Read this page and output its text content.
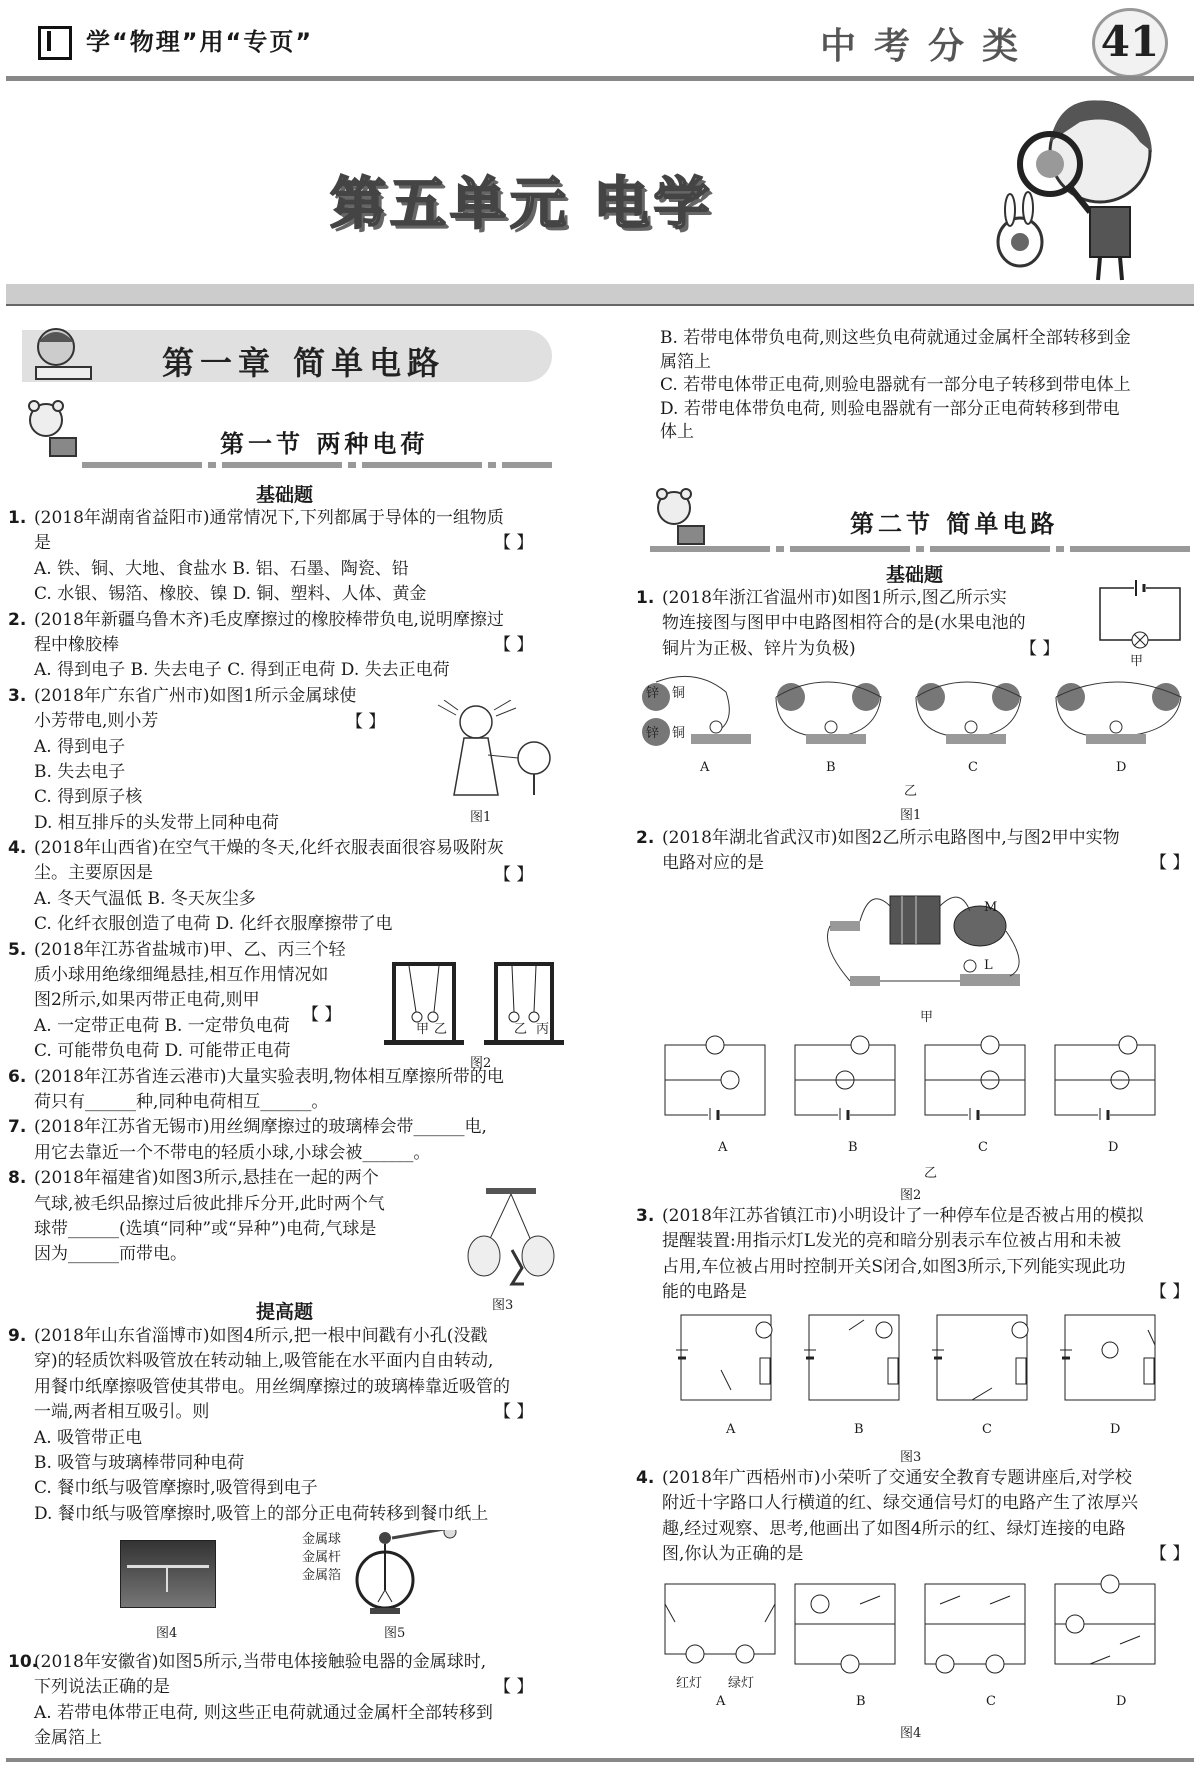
学“物理”用“专页”	中考分类 41
第五单元 电学
第一章 简单电路
第一节 两种电荷
基础题
1. (2018年湖南省益阳市)通常情况下,下列都属于导体的一组物质
是
A. 铁、铜、大地、食盐水 B. 铝、石墨、陶瓷、铅
C. 水银、锡箔、橡胶、镍 D. 铜、塑料、人体、黄金
2. (2018年新疆乌鲁木齐)毛皮摩擦过的橡胶棒带负电,说明摩擦过
程中橡胶棒
A. 得到电子 B. 失去电子 C. 得到正电荷 D. 失去正电荷
3. (2018年广东省广州市)如图1所示金属球使
小芳带电,则小芳
A. 得到电子
B. 失去电子
C. 得到原子核
D. 相互排斥的头发带上同种电荷
4. (2018年山西省)在空气干燥的冬天,化纤衣服表面很容易吸附灰
尘。主要原因是
A. 冬天气温低 B. 冬天灰尘多
C. 化纤衣服创造了电荷 D. 化纤衣服摩擦带了电
5. (2018年江苏省盐城市)甲、乙、丙三个轻
质小球用绝缘细绳悬挂,相互作用情况如
图2所示,如果丙带正电荷,则甲
A. 一定带正电荷 B. 一定带负电荷
C. 可能带负电荷 D. 可能带正电荷
6. (2018年江苏省连云港市)大量实验表明,物体相互摩擦所带的电
荷只有______种,同种电荷相互______。
7. (2018年江苏省无锡市)用丝绸摩擦过的玻璃棒会带______电,
用它去靠近一个不带电的轻质小球,小球会被______。
8. (2018年福建省)如图3所示,悬挂在一起的两个
气球,被毛织品擦过后彼此排斥分开,此时两个气
球带______(选填“同种”或“异种”)电荷,气球是
因为______而带电。
提高题
9. (2018年山东省淄博市)如图4所示,把一根中间戳有小孔(没戳
穿)的轻质饮料吸管放在转动轴上,吸管能在水平面内自由转动,
用餐巾纸摩擦吸管使其带电。用丝绸摩擦过的玻璃棒靠近吸管的
一端,两者相互吸引。则
A. 吸管带正电
B. 吸管与玻璃棒带同种电荷
C. 餐巾纸与吸管摩擦时,吸管得到电子
D. 餐巾纸与吸管摩擦时,吸管上的部分正电荷转移到餐巾纸上
10.(2018年安徽省)如图5所示,当带电体接触验电器的金属球时,
下列说法正确的是
A. 若带电体带正电荷, 则这些正电荷就通过金属杆全部转移到
金属箔上
【 】
【 】
【 】
【 】
【 】
【 】
【 】
图1
甲 乙	乙 丙
图2
图3
图4
金属球
金属杆
金属箔
图5
B. 若带电体带负电荷,则这些负电荷就通过金属杆全部转移到金
属箔上
C. 若带电体带正电荷,则验电器就有一部分电子转移到带电体上
D. 若带电体带负电荷, 则验电器就有一部分正电荷转移到带电
体上
第二节 简单电路
基础题
1. (2018年浙江省温州市)如图1所示,图乙所示实
物连接图与图甲中电路图相符合的是(水果电池的
铜片为正极、锌片为负极)	【 】
甲
锌 铜
锌 铜
A	B	C	D
乙
图1
2. (2018年湖北省武汉市)如图2乙所示电路图中,与图2甲中实物
电路对应的是	【 】
M
L
甲
A	B	C	D
乙
图2
3. (2018年江苏省镇江市)小明设计了一种停车位是否被占用的模拟
提醒装置:用指示灯L发光的亮和暗分别表示车位被占用和未被
占用,车位被占用时控制开关S闭合,如图3所示,下列能实现此功
能的电路是	【 】
A	B	C	D
图3
4. (2018年广西梧州市)小荣听了交通安全教育专题讲座后,对学校
附近十字路口人行横道的红、绿交通信号灯的电路产生了浓厚兴
趣,经过观察、思考,他画出了如图4所示的红、绿灯连接的电路
图,你认为正确的是	【 】
红灯 绿灯
A	B	C	D
图4
